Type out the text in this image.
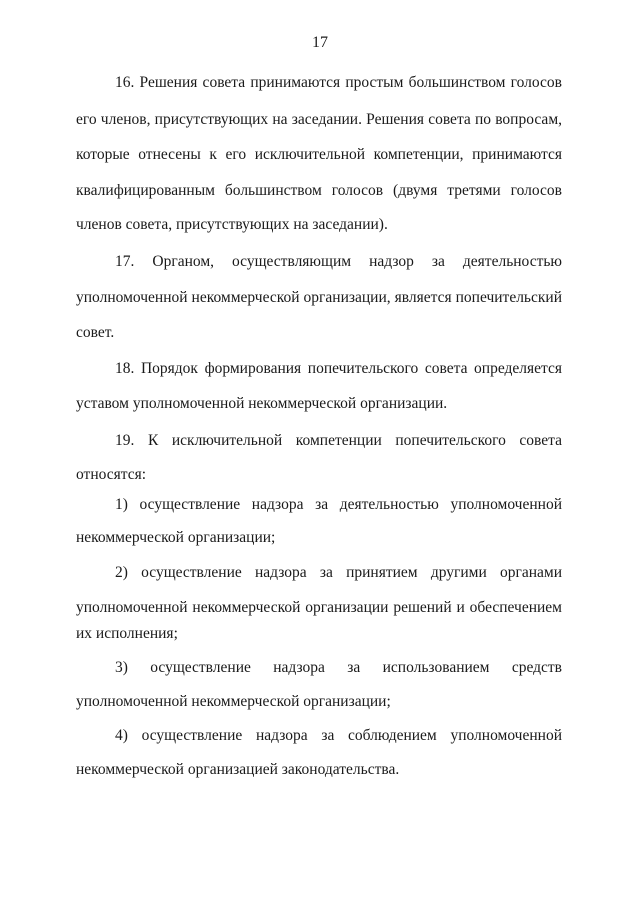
17
16. Решения совета принимаются простым большинством голосов
его членов, присутствующих на заседании. Решения совета по вопросам,
которые отнесены к его исключительной компетенции, принимаются
квалифицированным большинством голосов (двумя третями голосов
членов совета, присутствующих на заседании).
17. Органом, осуществляющим надзор за деятельностью
уполномоченной некоммерческой организации, является попечительский
совет.
18. Порядок формирования попечительского совета определяется
уставом уполномоченной некоммерческой организации.
19. К исключительной компетенции попечительского совета
относятся:
1) осуществление надзора за деятельностью уполномоченной
некоммерческой организации;
2) осуществление надзора за принятием другими органами
уполномоченной некоммерческой организации решений и обеспечением
их исполнения;
3) осуществление надзора за использованием средств
уполномоченной некоммерческой организации;
4) осуществление надзора за соблюдением уполномоченной
некоммерческой организацией законодательства.
